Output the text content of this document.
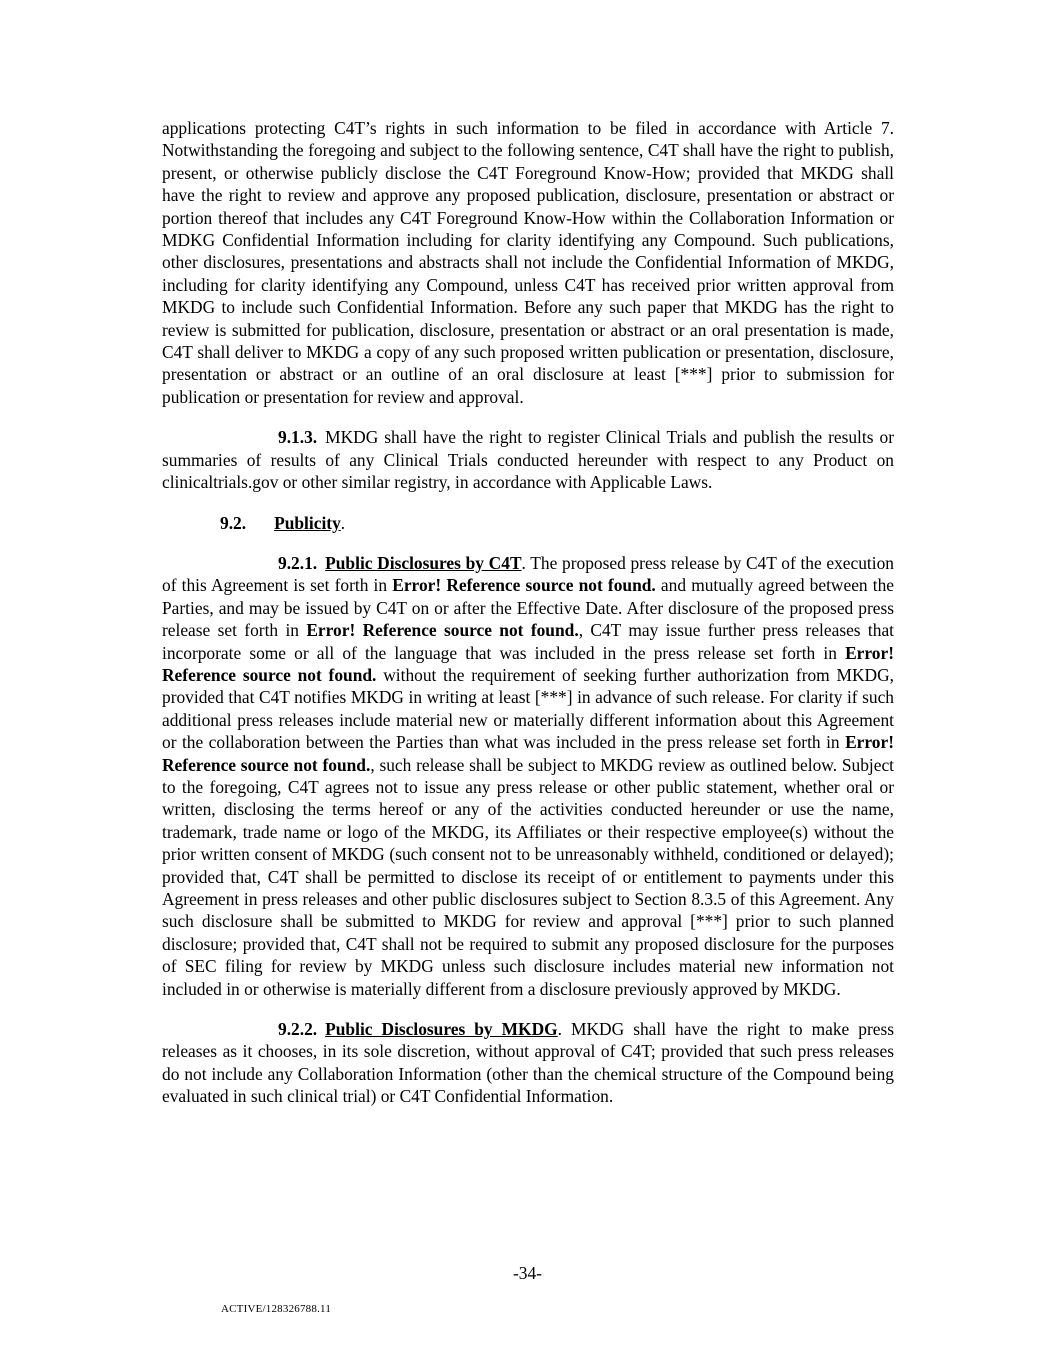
applications protecting C4T’s rights in such information to be filed in accordance with Article 7. Notwithstanding the foregoing and subject to the following sentence, C4T shall have the right to publish, present, or otherwise publicly disclose the C4T Foreground Know-How; provided that MKDG shall have the right to review and approve any proposed publication, disclosure, presentation or abstract or portion thereof that includes any C4T Foreground Know-How within the Collaboration Information or MDKG Confidential Information including for clarity identifying any Compound. Such publications, other disclosures, presentations and abstracts shall not include the Confidential Information of MKDG, including for clarity identifying any Compound, unless C4T has received prior written approval from MKDG to include such Confidential Information. Before any such paper that MKDG has the right to review is submitted for publication, disclosure, presentation or abstract or an oral presentation is made, C4T shall deliver to MKDG a copy of any such proposed written publication or presentation, disclosure, presentation or abstract or an outline of an oral disclosure at least [***] prior to submission for publication or presentation for review and approval.

9.1.3. MKDG shall have the right to register Clinical Trials and publish the results or summaries of results of any Clinical Trials conducted hereunder with respect to any Product on clinicaltrials.gov or other similar registry, in accordance with Applicable Laws.

9.2. Publicity.

9.2.1. Public Disclosures by C4T. The proposed press release by C4T of the execution of this Agreement is set forth in Error! Reference source not found. and mutually agreed between the Parties, and may be issued by C4T on or after the Effective Date. After disclosure of the proposed press release set forth in Error! Reference source not found., C4T may issue further press releases that incorporate some or all of the language that was included in the press release set forth in Error! Reference source not found. without the requirement of seeking further authorization from MKDG, provided that C4T notifies MKDG in writing at least [***] in advance of such release. For clarity if such additional press releases include material new or materially different information about this Agreement or the collaboration between the Parties than what was included in the press release set forth in Error! Reference source not found., such release shall be subject to MKDG review as outlined below. Subject to the foregoing, C4T agrees not to issue any press release or other public statement, whether oral or written, disclosing the terms hereof or any of the activities conducted hereunder or use the name, trademark, trade name or logo of the MKDG, its Affiliates or their respective employee(s) without the prior written consent of MKDG (such consent not to be unreasonably withheld, conditioned or delayed); provided that, C4T shall be permitted to disclose its receipt of or entitlement to payments under this Agreement in press releases and other public disclosures subject to Section 8.3.5 of this Agreement. Any such disclosure shall be submitted to MKDG for review and approval [***] prior to such planned disclosure; provided that, C4T shall not be required to submit any proposed disclosure for the purposes of SEC filing for review by MKDG unless such disclosure includes material new information not included in or otherwise is materially different from a disclosure previously approved by MKDG.

9.2.2. Public Disclosures by MKDG. MKDG shall have the right to make press releases as it chooses, in its sole discretion, without approval of C4T; provided that such press releases do not include any Collaboration Information (other than the chemical structure of the Compound being evaluated in such clinical trial) or C4T Confidential Information.

-34-
ACTIVE/128326788.11
